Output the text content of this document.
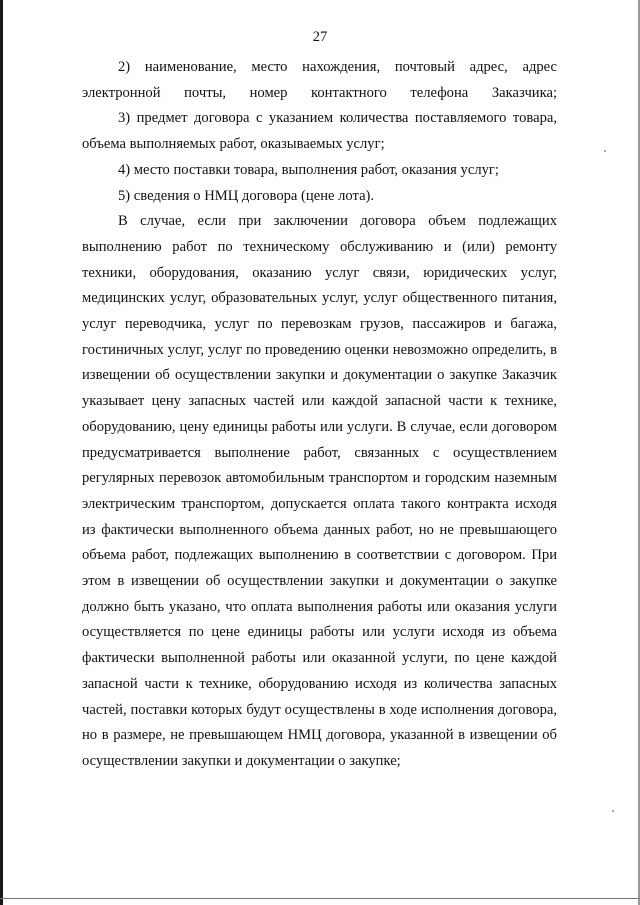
27

2) наименование, место нахождения, почтовый адрес, адрес электронной почты, номер контактного телефона Заказчика;

3) предмет договора с указанием количества поставляемого товара, объема выполняемых работ, оказываемых услуг;

4) место поставки товара, выполнения работ, оказания услуг;

5) сведения о НМЦ договора (цене лота).

В случае, если при заключении договора объем подлежащих выполнению работ по техническому обслуживанию и (или) ремонту техники, оборудования, оказанию услуг связи, юридических услуг, медицинских услуг, образовательных услуг, услуг общественного питания, услуг переводчика, услуг по перевозкам грузов, пассажиров и багажа, гостиничных услуг, услуг по проведению оценки невозможно определить, в извещении об осуществлении закупки и документации о закупке Заказчик указывает цену запасных частей или каждой запасной части к технике, оборудованию, цену единицы работы или услуги. В случае, если договором предусматривается выполнение работ, связанных с осуществлением регулярных перевозок автомобильным транспортом и городским наземным электрическим транспортом, допускается оплата такого контракта исходя из фактически выполненного объема данных работ, но не превышающего объема работ, подлежащих выполнению в соответствии с договором. При этом в извещении об осуществлении закупки и документации о закупке должно быть указано, что оплата выполнения работы или оказания услуги осуществляется по цене единицы работы или услуги исходя из объема фактически выполненной работы или оказанной услуги, по цене каждой запасной части к технике, оборудованию исходя из количества запасных частей, поставки которых будут осуществлены в ходе исполнения договора, но в размере, не превышающем НМЦ договора, указанной в извещении об осуществлении закупки и документации о закупке;
